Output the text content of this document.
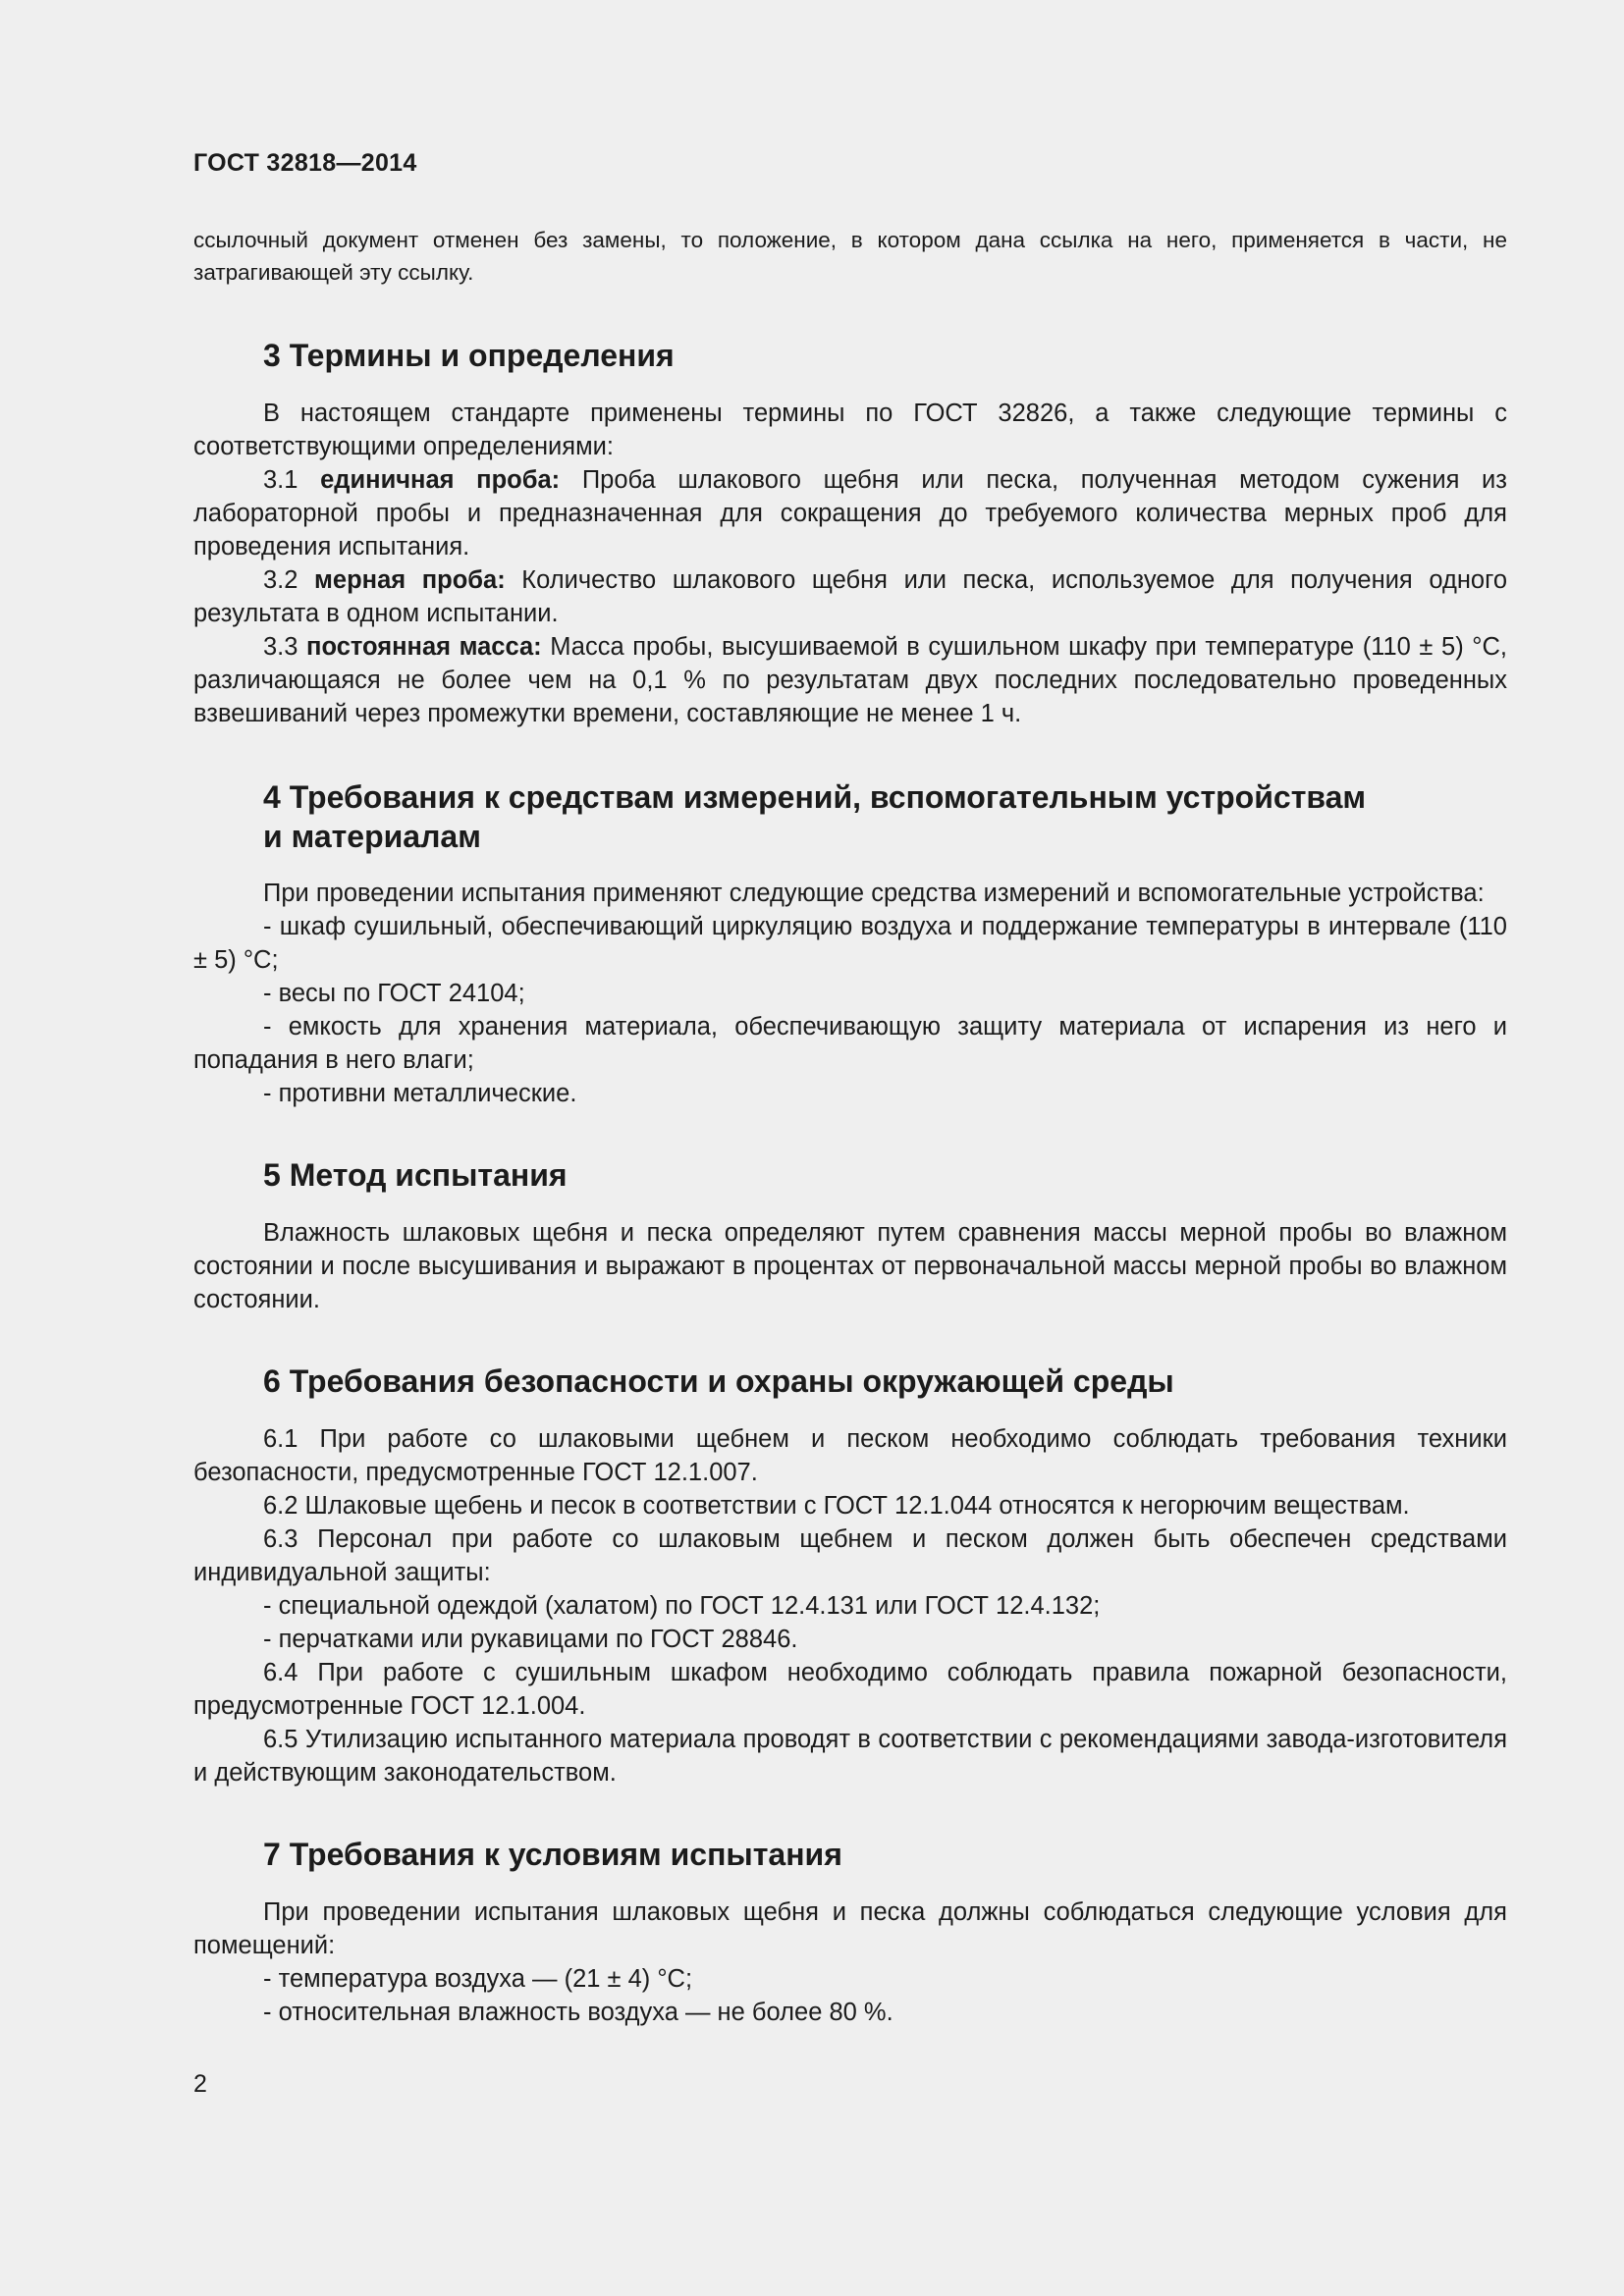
ГОСТ 32818—2014

ссылочный документ отменен без замены, то положение, в котором дана ссылка на него, применяется в части, не затрагивающей эту ссылку.

3 Термины и определения

В настоящем стандарте применены термины по ГОСТ 32826, а также следующие термины с соответствующими определениями:

3.1 единичная проба: Проба шлакового щебня или песка, полученная методом сужения из лабораторной пробы и предназначенная для сокращения до требуемого количества мерных проб для проведения испытания.

3.2 мерная проба: Количество шлакового щебня или песка, используемое для получения одного результата в одном испытании.

3.3 постоянная масса: Масса пробы, высушиваемой в сушильном шкафу при температуре (110 ± 5) °С, различающаяся не более чем на 0,1 % по результатам двух последних последовательно проведенных взвешиваний через промежутки времени, составляющие не менее 1 ч.

4 Требования к средствам измерений, вспомогательным устройствам
и материалам

При проведении испытания применяют следующие средства измерений и вспомогательные устройства:

- шкаф сушильный, обеспечивающий циркуляцию воздуха и поддержание температуры в интервале (110 ± 5) °С;

- весы по ГОСТ 24104;

- емкость для хранения материала, обеспечивающую защиту материала от испарения из него и попадания в него влаги;

- противни металлические.

5 Метод испытания

Влажность шлаковых щебня и песка определяют путем сравнения массы мерной пробы во влажном состоянии и после высушивания и выражают в процентах от первоначальной массы мерной пробы во влажном состоянии.

6 Требования безопасности и охраны окружающей среды

6.1 При работе со шлаковыми щебнем и песком необходимо соблюдать требования техники безопасности, предусмотренные ГОСТ 12.1.007.

6.2 Шлаковые щебень и песок в соответствии с ГОСТ 12.1.044 относятся к негорючим веществам.

6.3 Персонал при работе со шлаковым щебнем и песком должен быть обеспечен средствами индивидуальной защиты:

- специальной одеждой (халатом) по ГОСТ 12.4.131 или ГОСТ 12.4.132;

- перчатками или рукавицами по ГОСТ 28846.

6.4 При работе с сушильным шкафом необходимо соблюдать правила пожарной безопасности, предусмотренные ГОСТ 12.1.004.

6.5 Утилизацию испытанного материала проводят в соответствии с рекомендациями завода-изготовителя и действующим законодательством.

7 Требования к условиям испытания

При проведении испытания шлаковых щебня и песка должны соблюдаться следующие условия для помещений:

- температура воздуха — (21 ± 4) °С;

- относительная влажность воздуха — не более 80 %.

2
